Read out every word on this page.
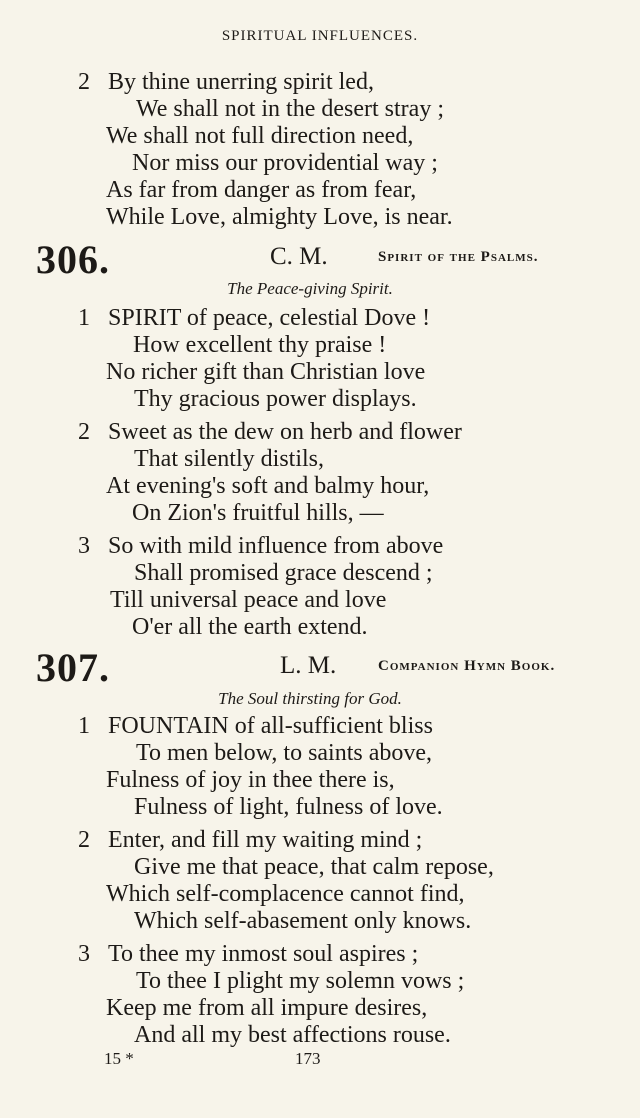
SPIRITUAL INFLUENCES.
2 By thine unerring spirit led,
We shall not in the desert stray ;
We shall not full direction need,
Nor miss our providential way ;
As far from danger as from fear,
While Love, almighty Love, is near.
306.	C. M.	Spirit of the Psalms.
The Peace-giving Spirit.
1 SPIRIT of peace, celestial Dove !
How excellent thy praise !
No richer gift than Christian love
Thy gracious power displays.
2 Sweet as the dew on herb and flower
That silently distils,
At evening's soft and balmy hour,
On Zion's fruitful hills, —
3 So with mild influence from above
Shall promised grace descend ;
Till universal peace and love
O'er all the earth extend.
307.	L. M.	Companion Hymn Book.
The Soul thirsting for God.
1 FOUNTAIN of all-sufficient bliss
To men below, to saints above,
Fulness of joy in thee there is,
Fulness of light, fulness of love.
2 Enter, and fill my waiting mind ;
Give me that peace, that calm repose,
Which self-complacence cannot find,
Which self-abasement only knows.
3 To thee my inmost soul aspires ;
To thee I plight my solemn vows ;
Keep me from all impure desires,
And all my best affections rouse.
15 *	173
